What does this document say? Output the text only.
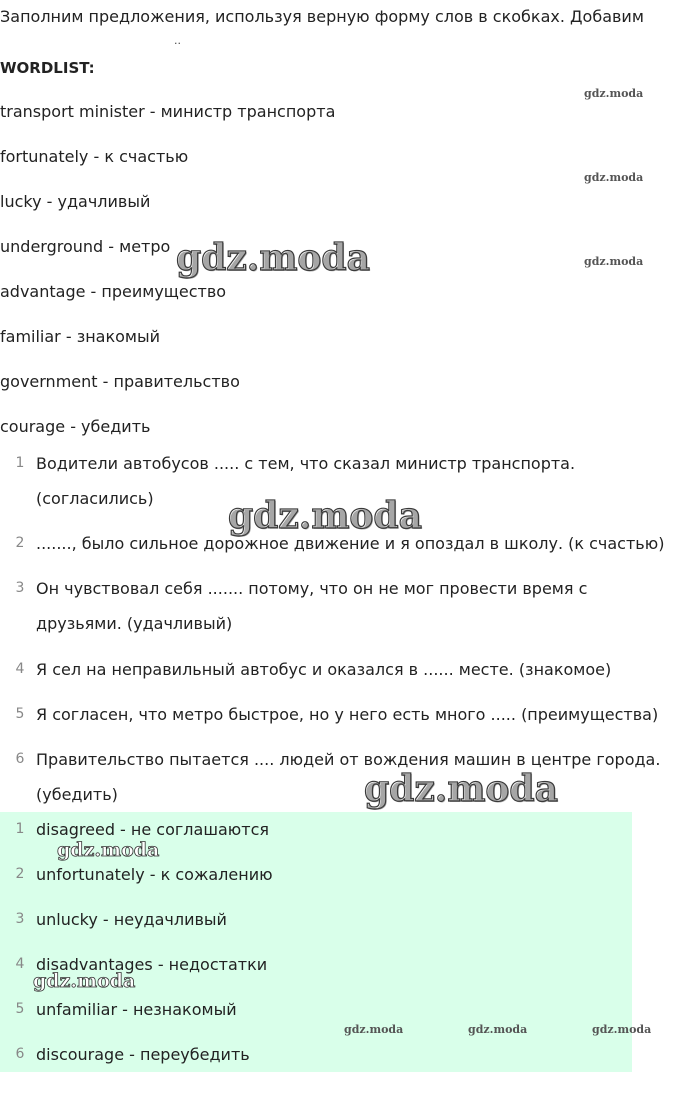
Заполним предложения, используя верную форму слов в скобках. Добавим
..
WORDLIST:
transport minister - министр транспорта
fortunately - к счастью
lucky - удачливый
underground - метро
advantage - преимущество
familiar - знакомый
government - правительство
courage - убедить
1 Водители автобусов ..... с тем, что сказал министр транспорта. (согласились)
2 ......., было сильное дорожное движение и я опоздал в школу. (к счастью)
3 Он чувствовал себя ....... потому, что он не мог провести время с друзьями. (удачливый)
4 Я сел на неправильный автобус и оказался в ...... месте. (знакомое)
5 Я согласен, что метро быстрое, но у него есть много ..... (преимущества)
6 Правительство пытается .... людей от вождения машин в центре города. (убедить)
1 disagreed - не соглашаются
2 unfortunately - к сожалению
3 unlucky - неудачливый
4 disadvantages - недостатки
5 unfamiliar - незнакомый
6 discourage - переубедить
gdz.moda
gdz.moda
gdz.moda
gdz.moda
gdz.moda
gdz.moda
gdz.moda
gdz.moda
gdz.moda	gdz.moda	gdz.moda
